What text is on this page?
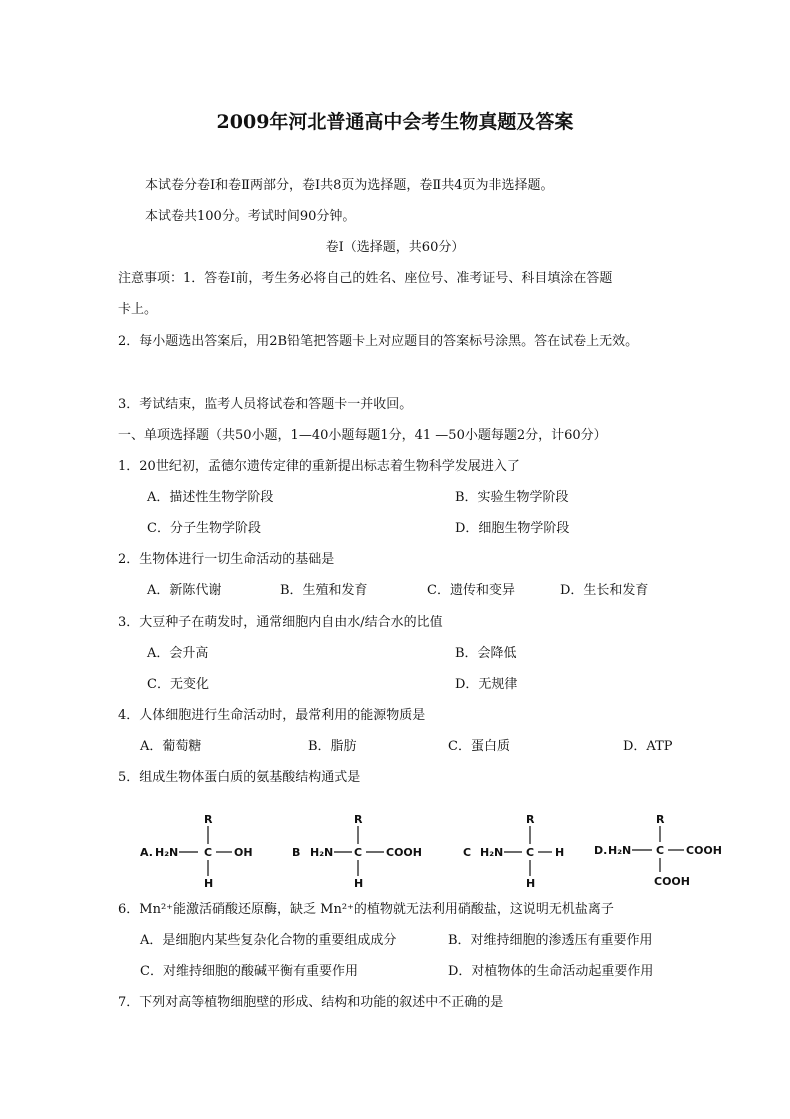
2009年河北普通高中会考生物真题及答案
本试卷分卷Ⅰ和卷Ⅱ两部分，卷Ⅰ共8页为选择题，卷Ⅱ共4页为非选择题。
本试卷共100分。考试时间90分钟。
卷Ⅰ（选择题，共60分）
注意事项：1．答卷Ⅰ前，考生务必将自己的姓名、座位号、准考证号、科目填涂在答题
卡上。
2．每小题选出答案后，用2B铅笔把答题卡上对应题目的答案标号涂黑。答在试卷上无效。
3．考试结束，监考人员将试卷和答题卡一并收回。
一、单项选择题（共50小题，1—40小题每题1分，41 —50小题每题2分，计60分）
1．20世纪初，孟德尔遗传定律的重新提出标志着生物科学发展进入了
A．描述性生物学阶段	B．实验生物学阶段
C．分子生物学阶段	D．细胞生物学阶段
2．生物体进行一切生命活动的基础是
A．新陈代谢	B．生殖和发育	C．遗传和变异	D．生长和发育
3．大豆种子在萌发时，通常细胞内自由水/结合水的比值
A．会升高	B．会降低
C．无变化	D．无规律
4．人体细胞进行生命活动时，最常利用的能源物质是
A．葡萄糖	B．脂肪	C．蛋白质	D．ATP
5．组成生物体蛋白质的氨基酸结构通式是
A. H₂N C
R
H
OH	B H₂N C
R
H
COOH	C H₂N C
R
H
H	D. H₂N C
R
COOH
COOH
6．Mn²⁺能激活硝酸还原酶，缺乏 Mn²⁺的植物就无法利用硝酸盐，这说明无机盐离子
A．是细胞内某些复杂化合物的重要组成成分	B．对维持细胞的渗透压有重要作用
C．对维持细胞的酸碱平衡有重要作用	D．对植物体的生命活动起重要作用
7．下列对高等植物细胞壁的形成、结构和功能的叙述中不正确的是
